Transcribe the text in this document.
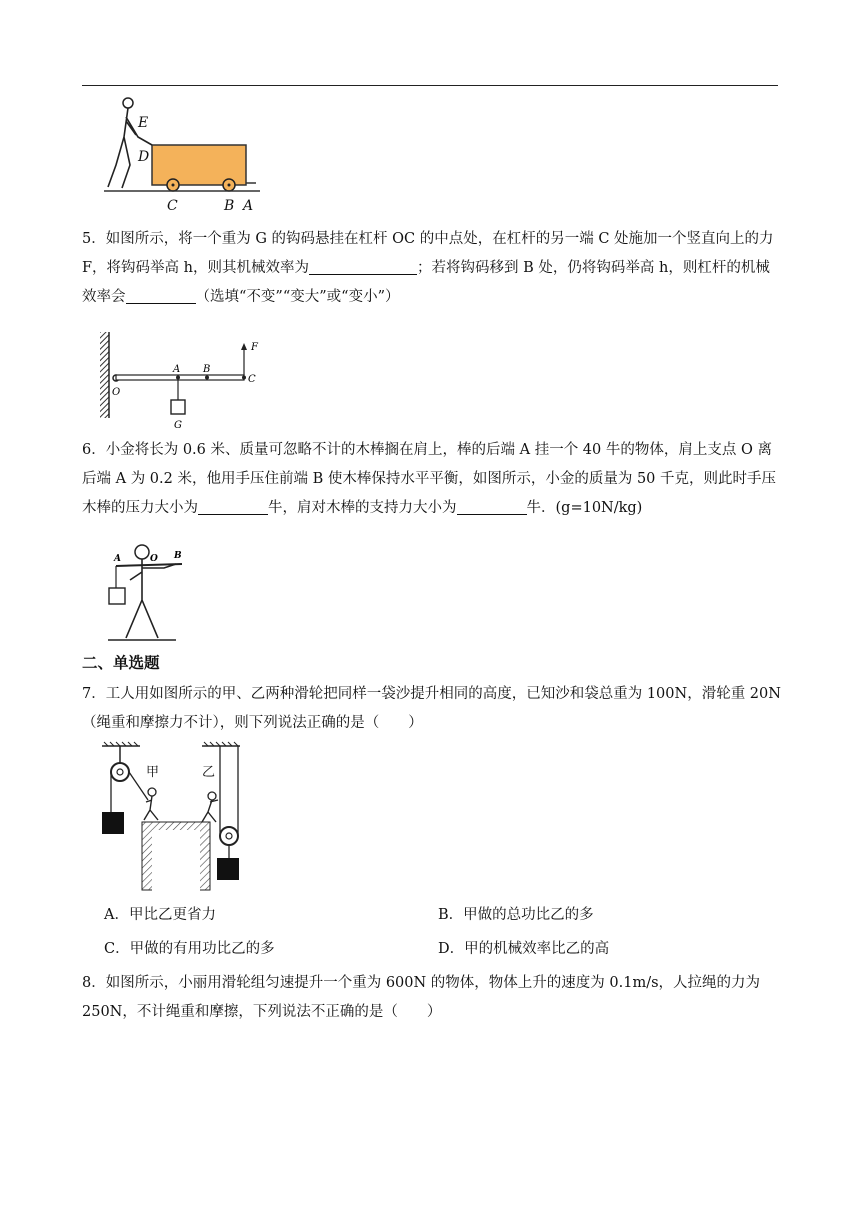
E
D
C	B A

5．如图所示，将一个重为 G 的钩码悬挂在杠杆 OC 的中点处，在杠杆的另一端 C 处施加一个竖直向上的力 F，将钩码举高 h，则其机械效率为	；若将钩码移到 B 处，仍将钩码举高 h，则杠杆的机械效率会	（选填“不变”“变大”或“变小”）

F
O
A B
C
G

6．小金将长为 0.6 米、质量可忽略不计的木棒搁在肩上，棒的后端 A 挂一个 40 牛的物体，肩上支点 O 离后端 A 为 0.2 米，他用手压住前端 B 使木棒保持水平平衡，如图所示，小金的质量为 50 千克，则此时手压木棒的压力大小为	牛，肩对木棒的支持力大小为	牛．(g=10N/kg)

A	O B
二、单选题

7．工人用如图所示的甲、乙两种滑轮把同样一袋沙提升相同的高度，已知沙和袋总重为 100N，滑轮重 20N（绳重和摩擦力不计），则下列说法正确的是（　　）

甲	乙
A．甲比乙更省力	B．甲做的总功比乙的多
C．甲做的有用功比乙的多	D．甲的机械效率比乙的高

8．如图所示，小丽用滑轮组匀速提升一个重为 600N 的物体，物体上升的速度为 0.1m/s，人拉绳的力为 250N，不计绳重和摩擦，下列说法不正确的是（　　）
